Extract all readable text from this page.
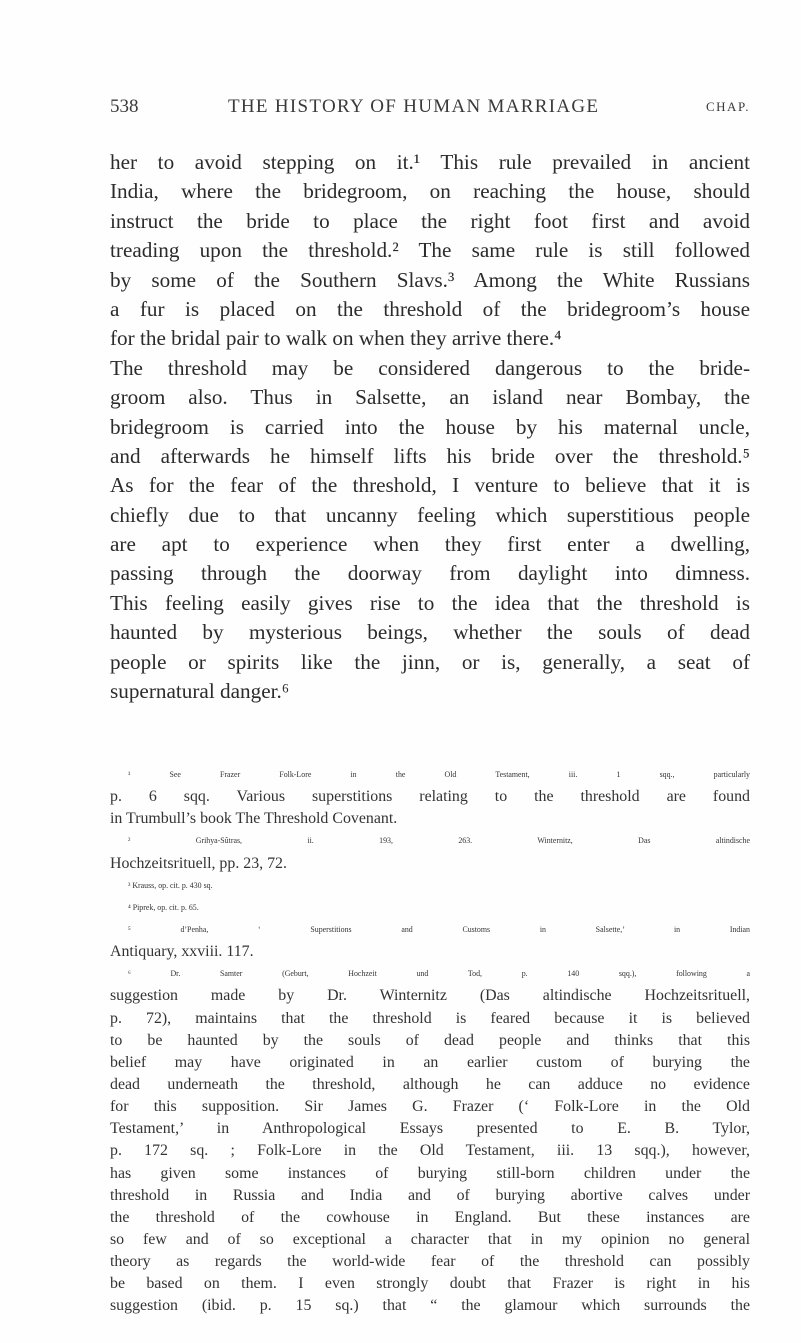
538	THE HISTORY OF HUMAN MARRIAGE	CHAP.
her to avoid stepping on it.¹ This rule prevailed in ancient
India, where the bridegroom, on reaching the house, should
instruct the bride to place the right foot first and avoid
treading upon the threshold.² The same rule is still followed
by some of the Southern Slavs.³ Among the White Russians
a fur is placed on the threshold of the bridegroom’s house
for the bridal pair to walk on when they arrive there.⁴
The threshold may be considered dangerous to the bride-
groom also. Thus in Salsette, an island near Bombay, the
bridegroom is carried into the house by his maternal uncle,
and afterwards he himself lifts his bride over the threshold.⁵
As for the fear of the threshold, I venture to believe that it is
chiefly due to that uncanny feeling which superstitious people
are apt to experience when they first enter a dwelling,
passing through the doorway from daylight into dimness.
This feeling easily gives rise to the idea that the threshold is
haunted by mysterious beings, whether the souls of dead
people or spirits like the jinn, or is, generally, a seat of
supernatural danger.⁶
¹ See Frazer Folk-Lore in the Old Testament, iii. 1 sqq., particularly
p. 6 sqq. Various superstitions relating to the threshold are found
in Trumbull’s book The Threshold Covenant.
² Grihya-Sûtras, ii. 193, 263. Winternitz, Das altindische
Hochzeitsrituell, pp. 23, 72.
³ Krauss, op. cit. p. 430 sq.
⁴ Piprek, op. cit. p. 65.
⁵ d’Penha, ‘ Superstitions and Customs in Salsette,’ in Indian
Antiquary, xxviii. 117.
⁶ Dr. Samter (Geburt, Hochzeit und Tod, p. 140 sqq.), following a
suggestion made by Dr. Winternitz (Das altindische Hochzeitsrituell,
p. 72), maintains that the threshold is feared because it is believed
to be haunted by the souls of dead people and thinks that this
belief may have originated in an earlier custom of burying the
dead underneath the threshold, although he can adduce no evidence
for this supposition. Sir James G. Frazer (‘ Folk-Lore in the Old
Testament,’ in Anthropological Essays presented to E. B. Tylor,
p. 172 sq. ; Folk-Lore in the Old Testament, iii. 13 sqq.), however,
has given some instances of burying still-born children under the
threshold in Russia and India and of burying abortive calves under
the threshold of the cowhouse in England. But these instances are
so few and of so exceptional a character that in my opinion no general
theory as regards the world-wide fear of the threshold can possibly
be based on them. I even strongly doubt that Frazer is right in his
suggestion (ibid. p. 15 sq.) that “ the glamour which surrounds the
